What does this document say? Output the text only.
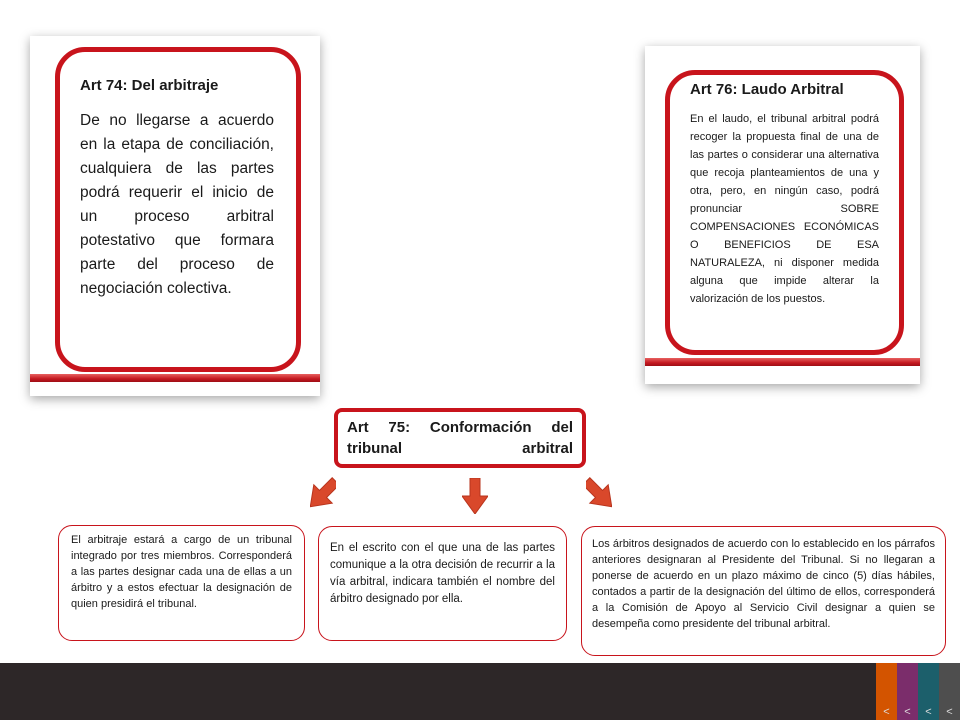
Art 74: Del arbitraje
De no llegarse a acuerdo en la etapa de conciliación, cualquiera de las partes podrá requerir el inicio de un proceso arbitral potestativo que formara parte del proceso de negociación colectiva.
Art 76: Laudo Arbitral
En el laudo, el tribunal arbitral podrá recoger la propuesta final de una de las partes o considerar una alternativa que recoja planteamientos de una y otra, pero, en ningún caso, podrá pronunciar SOBRE COMPENSACIONES ECONÓMICAS O BENEFICIOS DE ESA NATURALEZA, ni disponer medida alguna que impide alterar la valorización de los puestos.
Art 75: Conformación del tribunal arbitral
El arbitraje estará a cargo de un tribunal integrado por tres miembros. Corresponderá a las partes designar cada una de ellas a un árbitro y a estos efectuar la designación de quien presidirá el tribunal.
En el escrito con el que una de las partes comunique a la otra decisión de recurrir a la vía arbitral, indicara también el nombre del árbitro designado por ella.
Los árbitros designados de acuerdo con lo establecido en los párrafos anteriores designaran al Presidente del Tribunal. Si no llegaran a ponerse de acuerdo en un plazo máximo de cinco (5) días hábiles, contados a partir de la designación del último de ellos, corresponderá a la Comisión de Apoyo al Servicio Civil designar a quien se desempeña como presidente del tribunal arbitral.
<	<	<	<
